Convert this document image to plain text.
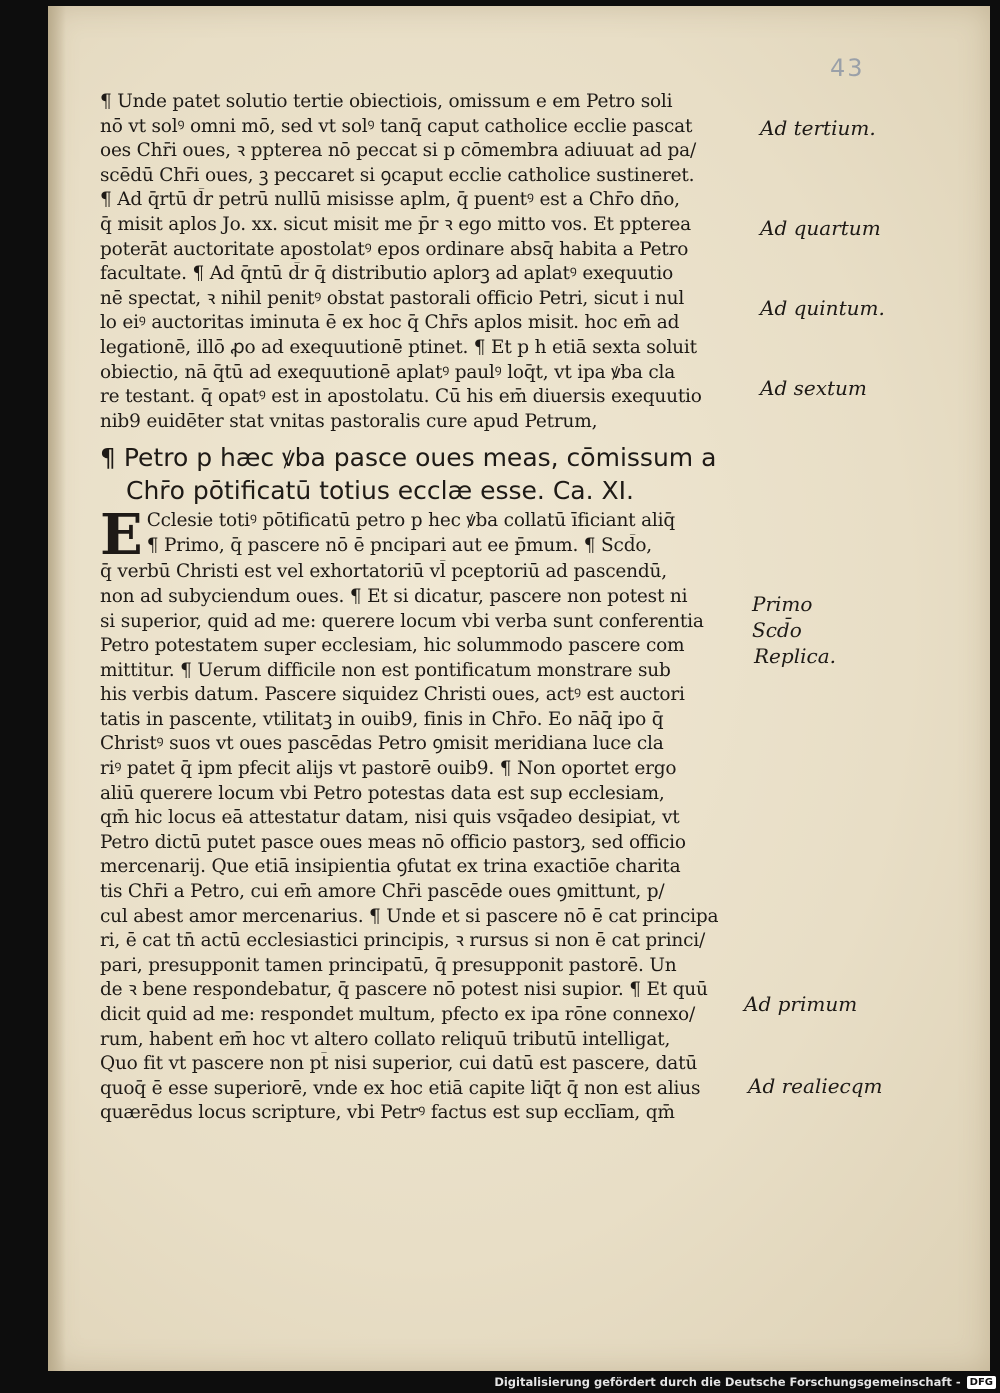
43
¶ Unde patet solutio tertie obiectiois, omissum e em Petro soli
nō vt solꝰ omni mō, sed vt solꝰ tanq̄ caput catholice ecclie pascat
oes Chr̄i oues, ꝛ ppterea nō peccat si p cōmembra adiuuat ad pa/
scēdū Chr̄i oues, ꝫ peccaret si ꝯcaput ecclie catholice sustineret.
¶ Ad q̄rtū d̄r petrū nullū misisse aplm, q̄ puentꝰ est a Chr̄o dn̄o,
q̄ misit aplos Jo. xx. sicut misit me p̄r ꝛ ego mitto vos. Et ppterea
poterāt auctoritate apostolatꝰ epos ordinare absq̄ habita a Petro
facultate. ¶ Ad q̄ntū d̄r q̄ distributio aplorꝫ ad aplatꝰ exequutio
nē spectat, ꝛ nihil penitꝰ obstat pastorali officio Petri, sicut i nul
lo eiꝰ auctoritas iminuta ē ex hoc q̄ Chr̄s aplos misit. hoc em̄ ad
legationē, illō ꝓo ad exequutionē ptinet. ¶ Et p h etiā sexta soluit
obiectio, nā q̄tū ad exequutionē aplatꝰ paulꝰ loq̄t, vt ipa ꝟba cla
re testant. q̄ opatꝰ est in apostolatu. Cū his em̄ diuersis exequutio
nib9 euidēter stat vnitas pastoralis cure apud Petrum,
¶ Petro p hæc ꝟba pasce oues meas, cōmissum a
Chr̄o pōtificatū totius ecclæ esse. Ca. XI.
E Cclesie totiꝰ pōtificatū petro p hec ꝟba collatū īficiant aliq̄
¶ Primo, q̄ pascere nō ē pncipari aut ee p̄mum. ¶ Scd̄o,
q̄ verbū Christi est vel exhortatoriū vl̄ pceptoriū ad pascendū,
non ad subyciendum oues. ¶ Et si dicatur, pascere non potest ni
si superior, quid ad me: querere locum vbi verba sunt conferentia
Petro potestatem super ecclesiam, hic solummodo pascere com
mittitur. ¶ Uerum difficile non est pontificatum monstrare sub
his verbis datum. Pascere siquidez Christi oues, actꝰ est auctori
tatis in pascente, vtilitatꝫ in ouib9, finis in Chr̄o. Eo nāq̄ ipo q̄
Christꝰ suos vt oues pascēdas Petro ꝯmisit meridiana luce cla
riꝰ patet q̄ ipm pfecit alijs vt pastorē ouib9. ¶ Non oportet ergo
aliū querere locum vbi Petro potestas data est sup ecclesiam,
qm̄ hic locus eā attestatur datam, nisi quis vsq̄adeo desipiat, vt
Petro dictū putet pasce oues meas nō officio pastorꝫ, sed officio
mercenarij. Que etiā insipientia ꝯfutat ex trina exactiōe charita
tis Chr̄i a Petro, cui em̄ amore Chr̄i pascēde oues ꝯmittunt, p/
cul abest amor mercenarius. ¶ Unde et si pascere nō ē cat principa
ri, ē cat tn̄ actū ecclesiastici principis, ꝛ rursus si non ē cat princi/
pari, presupponit tamen principatū, q̄ presupponit pastorē. Un
de ꝛ bene respondebatur, q̄ pascere nō potest nisi supior. ¶ Et quū
dicit quid ad me: respondet multum, pfecto ex ipa rōne connexo/
rum, habent em̄ hoc vt altero collato reliquū tributū intelligat,
Quo fit vt pascere non pt̄ nisi superior, cui datū est pascere, datū
quoq̄ ē esse superiorē, vnde ex hoc etiā capite liq̄t q̄ non est alius
quærēdus locus scripture, vbi Petrꝰ factus est sup ecclīam, qm̄
Ad tertium.
Ad quartum
Ad quintum.
Ad sextum
Primo
Scd̄o
Replica.
Ad primum
Ad realiecqm
Digitalisierung gefördert durch die Deutsche Forschungsgemeinschaft - DFG
